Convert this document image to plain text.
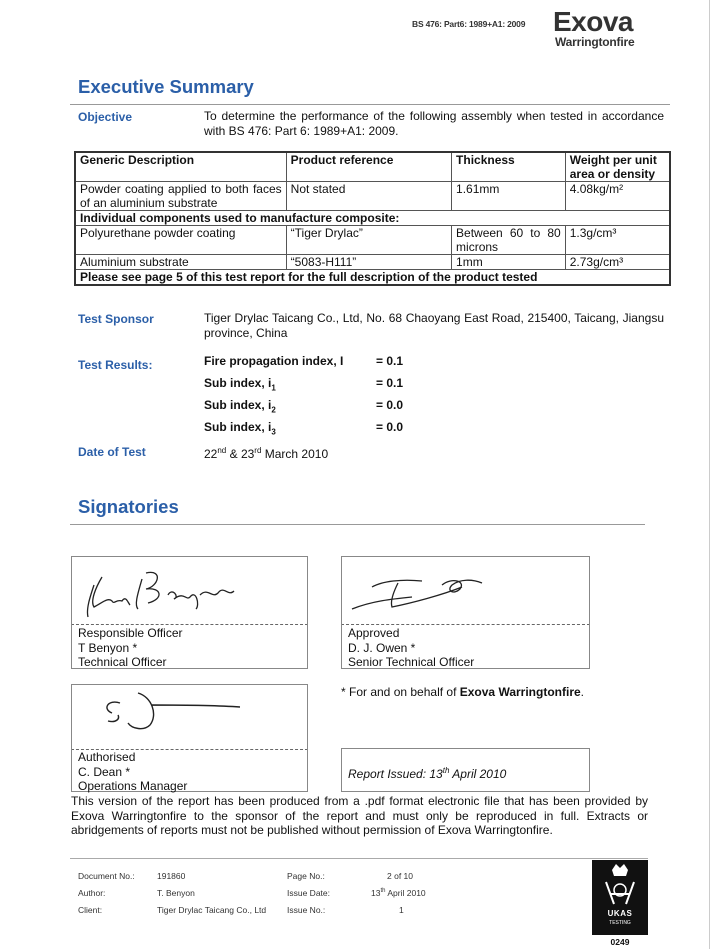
BS 476: Part6: 1989+A1: 2009 Exova
Warringtonfire
Executive Summary
Objective	To determine the performance of the following assembly when tested in accordance with BS 476: Part 6: 1989+A1: 2009.
Generic Description	Product reference	Thickness	Weight per unit area or density
Powder coating applied to both faces of an aluminium substrate	Not stated	1.61mm	4.08kg/m²
Individual components used to manufacture composite:			
Polyurethane powder coating	“Tiger Drylac”	Between 60 to 80 microns	1.3g/cm³
Aluminium substrate	“5083-H111”	1mm	2.73g/cm³
Please see page 5 of this test report for the full description of the product tested			
Test Sponsor	Tiger Drylac Taicang Co., Ltd, No. 68 Chaoyang East Road, 215400, Taicang, Jiangsu province, China
Test Results:	Fire propagation index, I	= 0.1
Sub index, $i_1$	= 0.1
Sub index, $i_2$	= 0.0
Sub index, $i_3$	= 0.0
Date of Test	22nd & 23rd March 2010
Signatories
Responsible Officer
T Benyon *
Technical Officer
Approved
D. J. Owen *
Senior Technical Officer
* For and on behalf of Exova Warringtonfire.
Authorised
C. Dean *
Operations Manager
Report Issued: 13th April 2010
This version of the report has been produced from a .pdf format electronic file that has been provided by Exova Warringtonfire to the sponsor of the report and must only be reproduced in full. Extracts or abridgements of reports must not be published without permission of Exova Warringtonfire.
Document No.:	191860
Author:	T. Benyon
Client:	Tiger Drylac Taicang Co., Ltd
Page No.:	2 of 10
Issue Date:	13th April 2010
Issue No.:	1	UKAS
TESTING
0249
